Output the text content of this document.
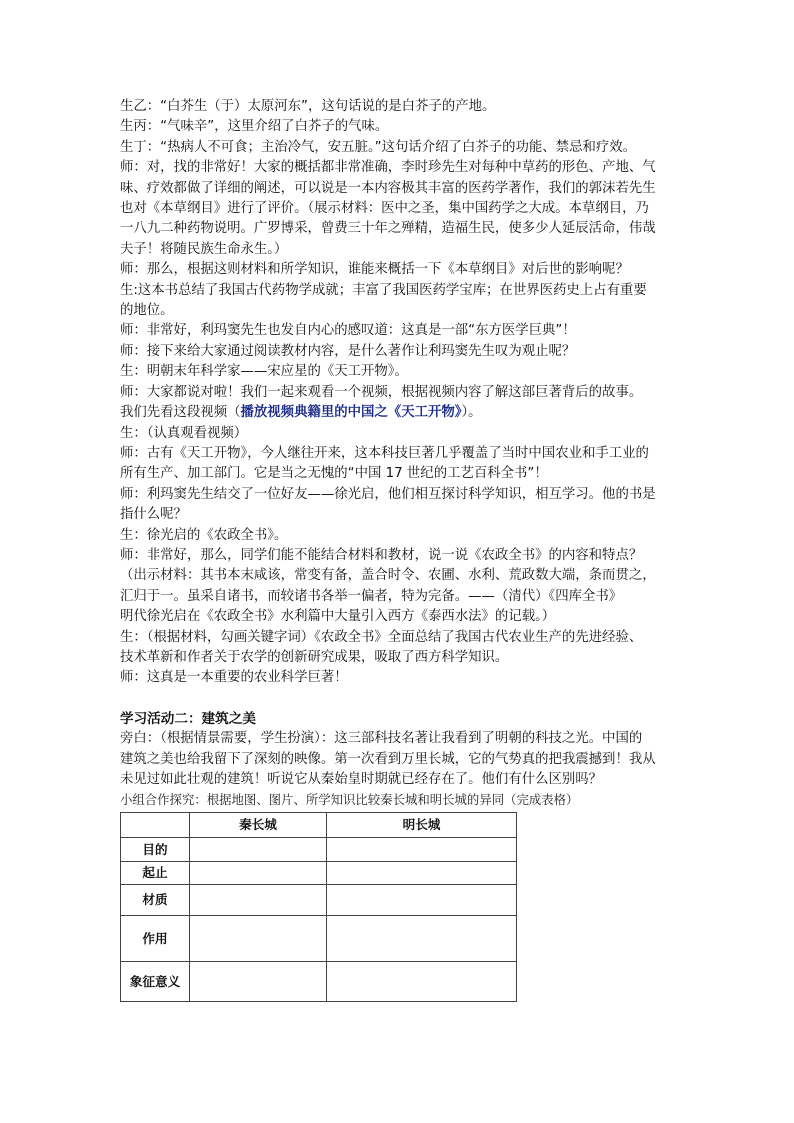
生乙：“白芥生（于）太原河东”，这句话说的是白芥子的产地。

生丙：“气味辛”，这里介绍了白芥子的气味。

生丁：“热病人不可食；主治冷气，安五脏。”这句话介绍了白芥子的功能、禁忌和疗效。

师：对，找的非常好！大家的概括都非常准确，李时珍先生对每种中草药的形色、产地、气

味、疗效都做了详细的阐述，可以说是一本内容极其丰富的医药学著作，我们的郭沫若先生

也对《本草纲目》进行了评价。（展示材料：医中之圣，集中国药学之大成。本草纲目，乃

一八九二种药物说明。广罗博采，曾费三十年之殚精，造福生民，使多少人延辰活命，伟哉

夫子！将随民族生命永生。）

师：那么，根据这则材料和所学知识，谁能来概括一下《本草纲目》对后世的影响呢？

生:这本书总结了我国古代药物学成就；丰富了我国医药学宝库；在世界医药史上占有重要

的地位。

师：非常好，利玛窦先生也发自内心的感叹道：这真是一部“东方医学巨典”！

师：接下来给大家通过阅读教材内容，是什么著作让利玛窦先生叹为观止呢？

生：明朝末年科学家——宋应星的《天工开物》。

师：大家都说对啦！我们一起来观看一个视频，根据视频内容了解这部巨著背后的故事。

我们先看这段视频（播放视频典籍里的中国之《天工开物》）。

生：（认真观看视频）

师：古有《天工开物》，今人继往开来，这本科技巨著几乎覆盖了当时中国农业和手工业的

所有生产、加工部门。它是当之无愧的“中国 17 世纪的工艺百科全书”！

师：利玛窦先生结交了一位好友——徐光启，他们相互探讨科学知识，相互学习。他的书是

指什么呢？

生：徐光启的《农政全书》。

师：非常好，那么，同学们能不能结合材料和教材，说一说《农政全书》的内容和特点？

（出示材料：其书本末咸该，常变有备，盖合时令、农圃、水利、荒政数大端，条而贯之，

汇归于一。虽采自诸书，而较诸书各举一偏者，特为完备。——（清代）《四库全书》

明代徐光启在《农政全书》水利篇中大量引入西方《泰西水法》的记载。）

生：（根据材料，勾画关键字词）《农政全书》全面总结了我国古代农业生产的先进经验、

技术革新和作者关于农学的创新研究成果，吸取了西方科学知识。

师：这真是一本重要的农业科学巨著！

学习活动二：建筑之美

旁白：（根据情景需要，学生扮演）：这三部科技名著让我看到了明朝的科技之光。中国的

建筑之美也给我留下了深刻的映像。第一次看到万里长城，它的气势真的把我震撼到！我从

未见过如此壮观的建筑！听说它从秦始皇时期就已经存在了。他们有什么区别吗？

小组合作探究：根据地图、图片、所学知识比较秦长城和明长城的异同（完成表格）

	秦长城	明长城
目的		
起止		
材质		
作用		
象征意义		
